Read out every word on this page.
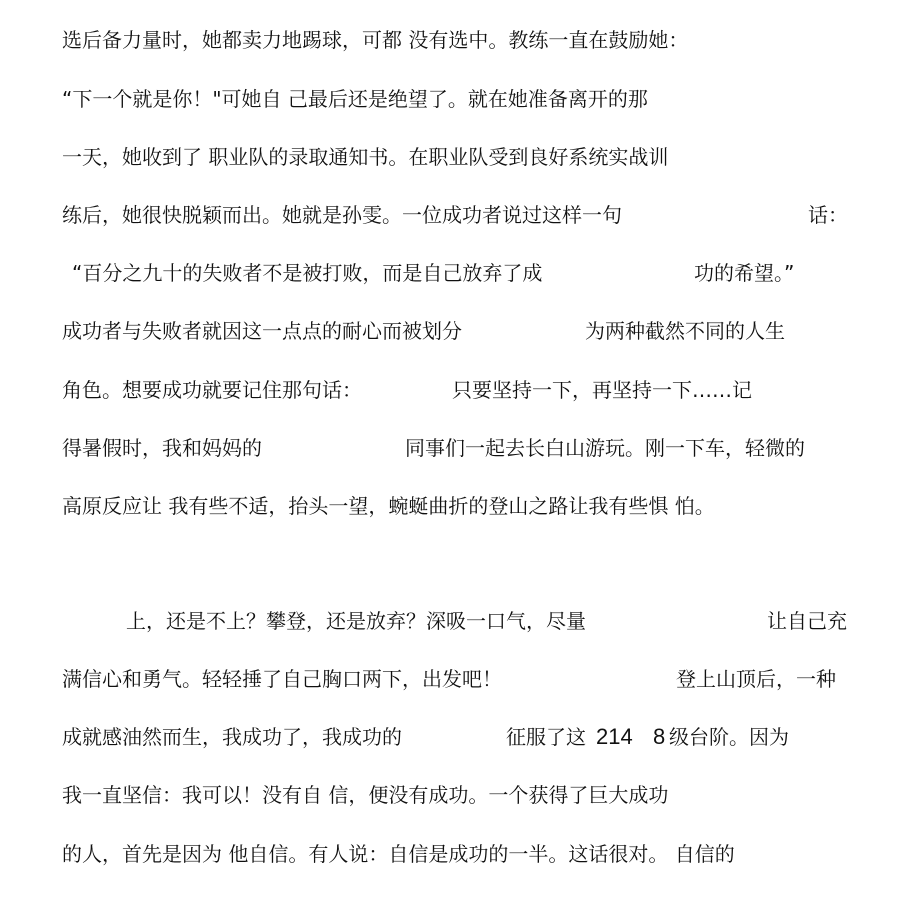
选后备力量时，她都卖力地踢球，可都 没有选中。教练一直在鼓励她：
“下一个就是你！"可她自 己最后还是绝望了。就在她准备离开的那
一天，她收到了 职业队的录取通知书。在职业队受到良好系统实战训
练后，她很快脱颖而出。她就是孙雯。一位成功者说过这样一句	话：
“百分之九十的失败者不是被打败，而是自己放弃了成	功的希望。”
成功者与失败者就因这一点点的耐心而被划分	为两种截然不同的人生
角色。想要成功就要记住那句话：	只要坚持一下，再坚持一下……记
得暑假时，我和妈妈的	同事们一起去长白山游玩。刚一下车，轻微的
高原反应让 我有些不适，抬头一望，蜿蜒曲折的登山之路让我有些惧 怕。
上，还是不上？攀登，还是放弃？深吸一口气，尽量	让自己充
满信心和勇气。轻轻捶了自己胸口两下，出发吧！	登上山顶后，一种
成就感油然而生，我成功了，我成功的	征服了这 214 8 级台阶。因为
我一直坚信：我可以！没有自 信，便没有成功。一个获得了巨大成功
的人，首先是因为 他自信。有人说：自信是成功的一半。这话很对。 自信的
